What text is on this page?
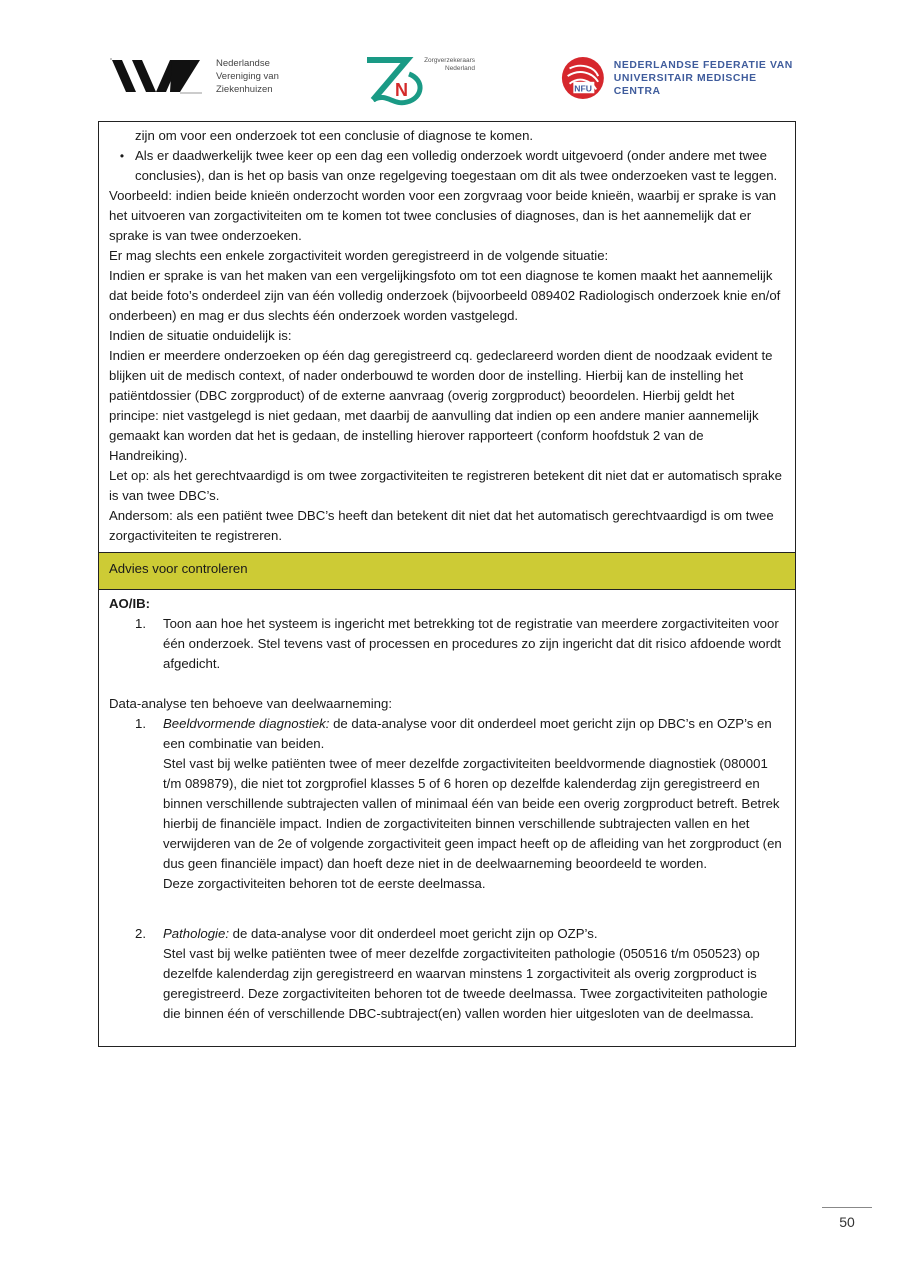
Nederlandse
Vereniging van
Ziekenhuizen	N
Zorgverzekeraars
Nederland
NFU
NEDERLANDSE FEDERATIE VAN
UNIVERSITAIR MEDISCHE CENTRA

zijn om voor een onderzoek tot een conclusie of diagnose te komen.

• Als er daadwerkelijk twee keer op een dag een volledig onderzoek wordt uitgevoerd (onder andere met twee conclusies), dan is het op basis van onze regelgeving toegestaan om dit als twee onderzoeken vast te leggen.

Voorbeeld: indien beide knieën onderzocht worden voor een zorgvraag voor beide knieën, waarbij er sprake is van het uitvoeren van zorgactiviteiten om te komen tot twee conclusies of diagnoses, dan is het aannemelijk dat er sprake is van twee onderzoeken.

Er mag slechts een enkele zorgactiviteit worden geregistreerd in de volgende situatie:

Indien er sprake is van het maken van een vergelijkingsfoto om tot een diagnose te komen maakt het aannemelijk dat beide foto’s onderdeel zijn van één volledig onderzoek (bijvoorbeeld 089402 Radiologisch onderzoek knie en/of onderbeen) en mag er dus slechts één onderzoek worden vastgelegd.

Indien de situatie onduidelijk is:

Indien er meerdere onderzoeken op één dag geregistreerd cq. gedeclareerd worden dient de noodzaak evident te blijken uit de medisch context, of nader onderbouwd te worden door de instelling. Hierbij kan de instelling het patiëntdossier (DBC zorgproduct) of de externe aanvraag (overig zorgproduct) beoordelen. Hierbij geldt het principe: niet vastgelegd is niet gedaan, met daarbij de aanvulling dat indien op een andere manier aannemelijk gemaakt kan worden dat het is gedaan, de instelling hierover rapporteert (conform hoofdstuk 2 van de Handreiking).

Let op: als het gerechtvaardigd is om twee zorgactiviteiten te registreren betekent dit niet dat er automatisch sprake is van twee DBC’s.

Andersom: als een patiënt twee DBC’s heeft dan betekent dit niet dat het automatisch gerechtvaardigd is om twee zorgactiviteiten te registreren.

Advies voor controleren

AO/IB:

1.	Toon aan hoe het systeem is ingericht met betrekking tot de registratie van meerdere zorgactiviteiten voor één onderzoek. Stel tevens vast of processen en procedures zo zijn ingericht dat dit risico afdoende wordt afgedicht.

Data-analyse ten behoeve van deelwaarneming:

1.	Beeldvormende diagnostiek: de data-analyse voor dit onderdeel moet gericht zijn op DBC’s en OZP’s en een combinatie van beiden.

Stel vast bij welke patiënten twee of meer dezelfde zorgactiviteiten beeldvormende diagnostiek (080001 t/m 089879), die niet tot zorgprofiel klasses 5 of 6 horen op dezelfde kalenderdag zijn geregistreerd en binnen verschillende subtrajecten vallen of minimaal één van beide een overig zorgproduct betreft. Betrek hierbij de financiële impact. Indien de zorgactiviteiten binnen verschillende subtrajecten vallen en het verwijderen van de 2e of volgende zorgactiviteit geen impact heeft op de afleiding van het zorgproduct (en dus geen financiële impact) dan hoeft deze niet in de deelwaarneming beoordeeld te worden.

Deze zorgactiviteiten behoren tot de eerste deelmassa.

2.	Pathologie: de data-analyse voor dit onderdeel moet gericht zijn op OZP’s.

Stel vast bij welke patiënten twee of meer dezelfde zorgactiviteiten pathologie (050516 t/m 050523) op dezelfde kalenderdag zijn geregistreerd en waarvan minstens 1 zorgactiviteit als overig zorgproduct is geregistreerd. Deze zorgactiviteiten behoren tot de tweede deelmassa. Twee zorgactiviteiten pathologie die binnen één of verschillende DBC-subtraject(en) vallen worden hier uitgesloten van de deelmassa.

50
